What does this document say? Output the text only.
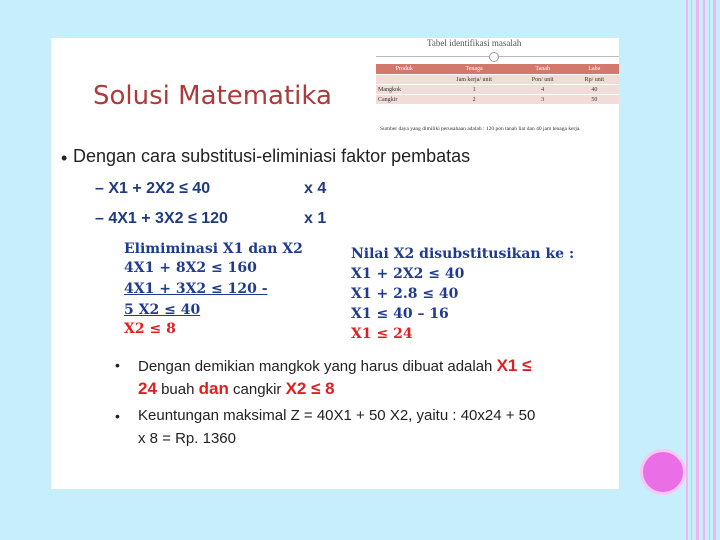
Solusi Matematika
Tabel identifikasi masalah
Produk	Tenaga	Tanah	Laba
	Jam kerja/ unit	Pon/ unit	Rp/ unit
Mangkok	1	4	40
Cangkir	2	3	50
Sumber daya yang dimiliki perusahaan adalah : 120 pon tanah liat dan 40 jam tenaga kerja.
• Dengan cara substitusi-eliminiasi faktor pembatas
– X1 + 2X2 ≤ 40	x 4
– 4X1 + 3X2 ≤ 120	x 1
Elimiminasi X1 dan X2
4X1 + 8X2 ≤ 160
4X1 + 3X2 ≤ 120 -
5 X2 ≤ 40
X2 ≤ 8
Nilai X2 disubstitusikan ke :
X1 + 2X2 ≤ 40
X1 + 2.8 ≤ 40
X1 ≤ 40 – 16
X1 ≤ 24
• Dengan demikian mangkok yang harus dibuat adalah X1 ≤
24 buah dan cangkir X2 ≤ 8
• Keuntungan maksimal Z = 40X1 + 50 X2, yaitu : 40x24 + 50
x 8 = Rp. 1360
